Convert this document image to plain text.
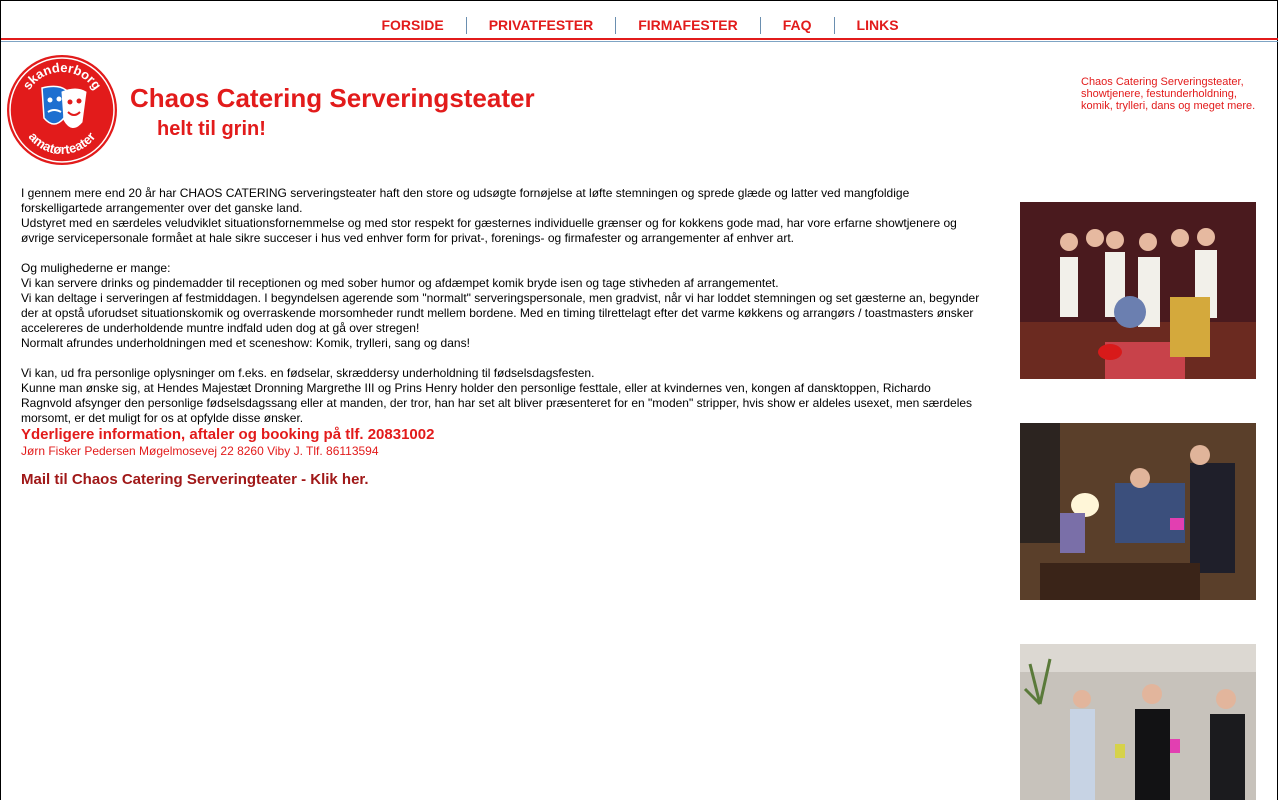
FORSIDE	PRIVATFESTER	FIRMAFESTER	FAQ	LINKS
skanderborg
amatørteater
Chaos Catering Serveringsteater
helt til grin!
Chaos Catering Serveringsteater, showtjenere, festunderholdning, komik, trylleri, dans og meget mere.

I gennem mere end 20 år har CHAOS CATERING serveringsteater haft den store og udsøgte fornøjelse at løfte stemningen og sprede glæde og latter ved mangfoldige forskelligartede arrangementer over det ganske land.

Udstyret med en særdeles veludviklet situationsfornemmelse og med stor respekt for gæsternes individuelle grænser og for kokkens gode mad, har vore erfarne showtjenere og øvrige servicepersonale formået at hale sikre succeser i hus ved enhver form for privat-, forenings- og firmafester og arrangementer af enhver art.

Og mulighederne er mange:

Vi kan servere drinks og pindemadder til receptionen og med sober humor og afdæmpet komik bryde isen og tage stivheden af arrangementet.

Vi kan deltage i serveringen af festmiddagen. I begyndelsen agerende som "normalt" serveringspersonale, men gradvist, når vi har loddet stemningen og set gæsterne an, begynder der at opstå uforudset situationskomik og overraskende morsomheder rundt mellem bordene. Med en timing tilrettelagt efter det varme køkkens og arrangørs / toastmasters ønsker accelereres de underholdende muntre indfald uden dog at gå over stregen!

Normalt afrundes underholdningen med et sceneshow: Komik, trylleri, sang og dans!

Vi kan, ud fra personlige oplysninger om f.eks. en fødselar, skræddersy underholdning til fødselsdagsfesten.

Kunne man ønske sig, at Hendes Majestæt Dronning Margrethe III og Prins Henry holder den personlige festtale, eller at kvindernes ven, kongen af dansktoppen, Richardo Ragnvold afsynger den personlige fødselsdagssang eller at manden, der tror, han har set alt bliver præsenteret for en "moden" stripper, hvis show er aldeles usexet, men særdeles morsomt, er det muligt for os at opfylde disse ønsker.

Yderligere information, aftaler og booking på tlf. 20831002

Jørn Fisker Pedersen Møgelmosevej 22 8260 Viby J. Tlf. 86113594

Mail til Chaos Catering Serveringteater - Klik her.
